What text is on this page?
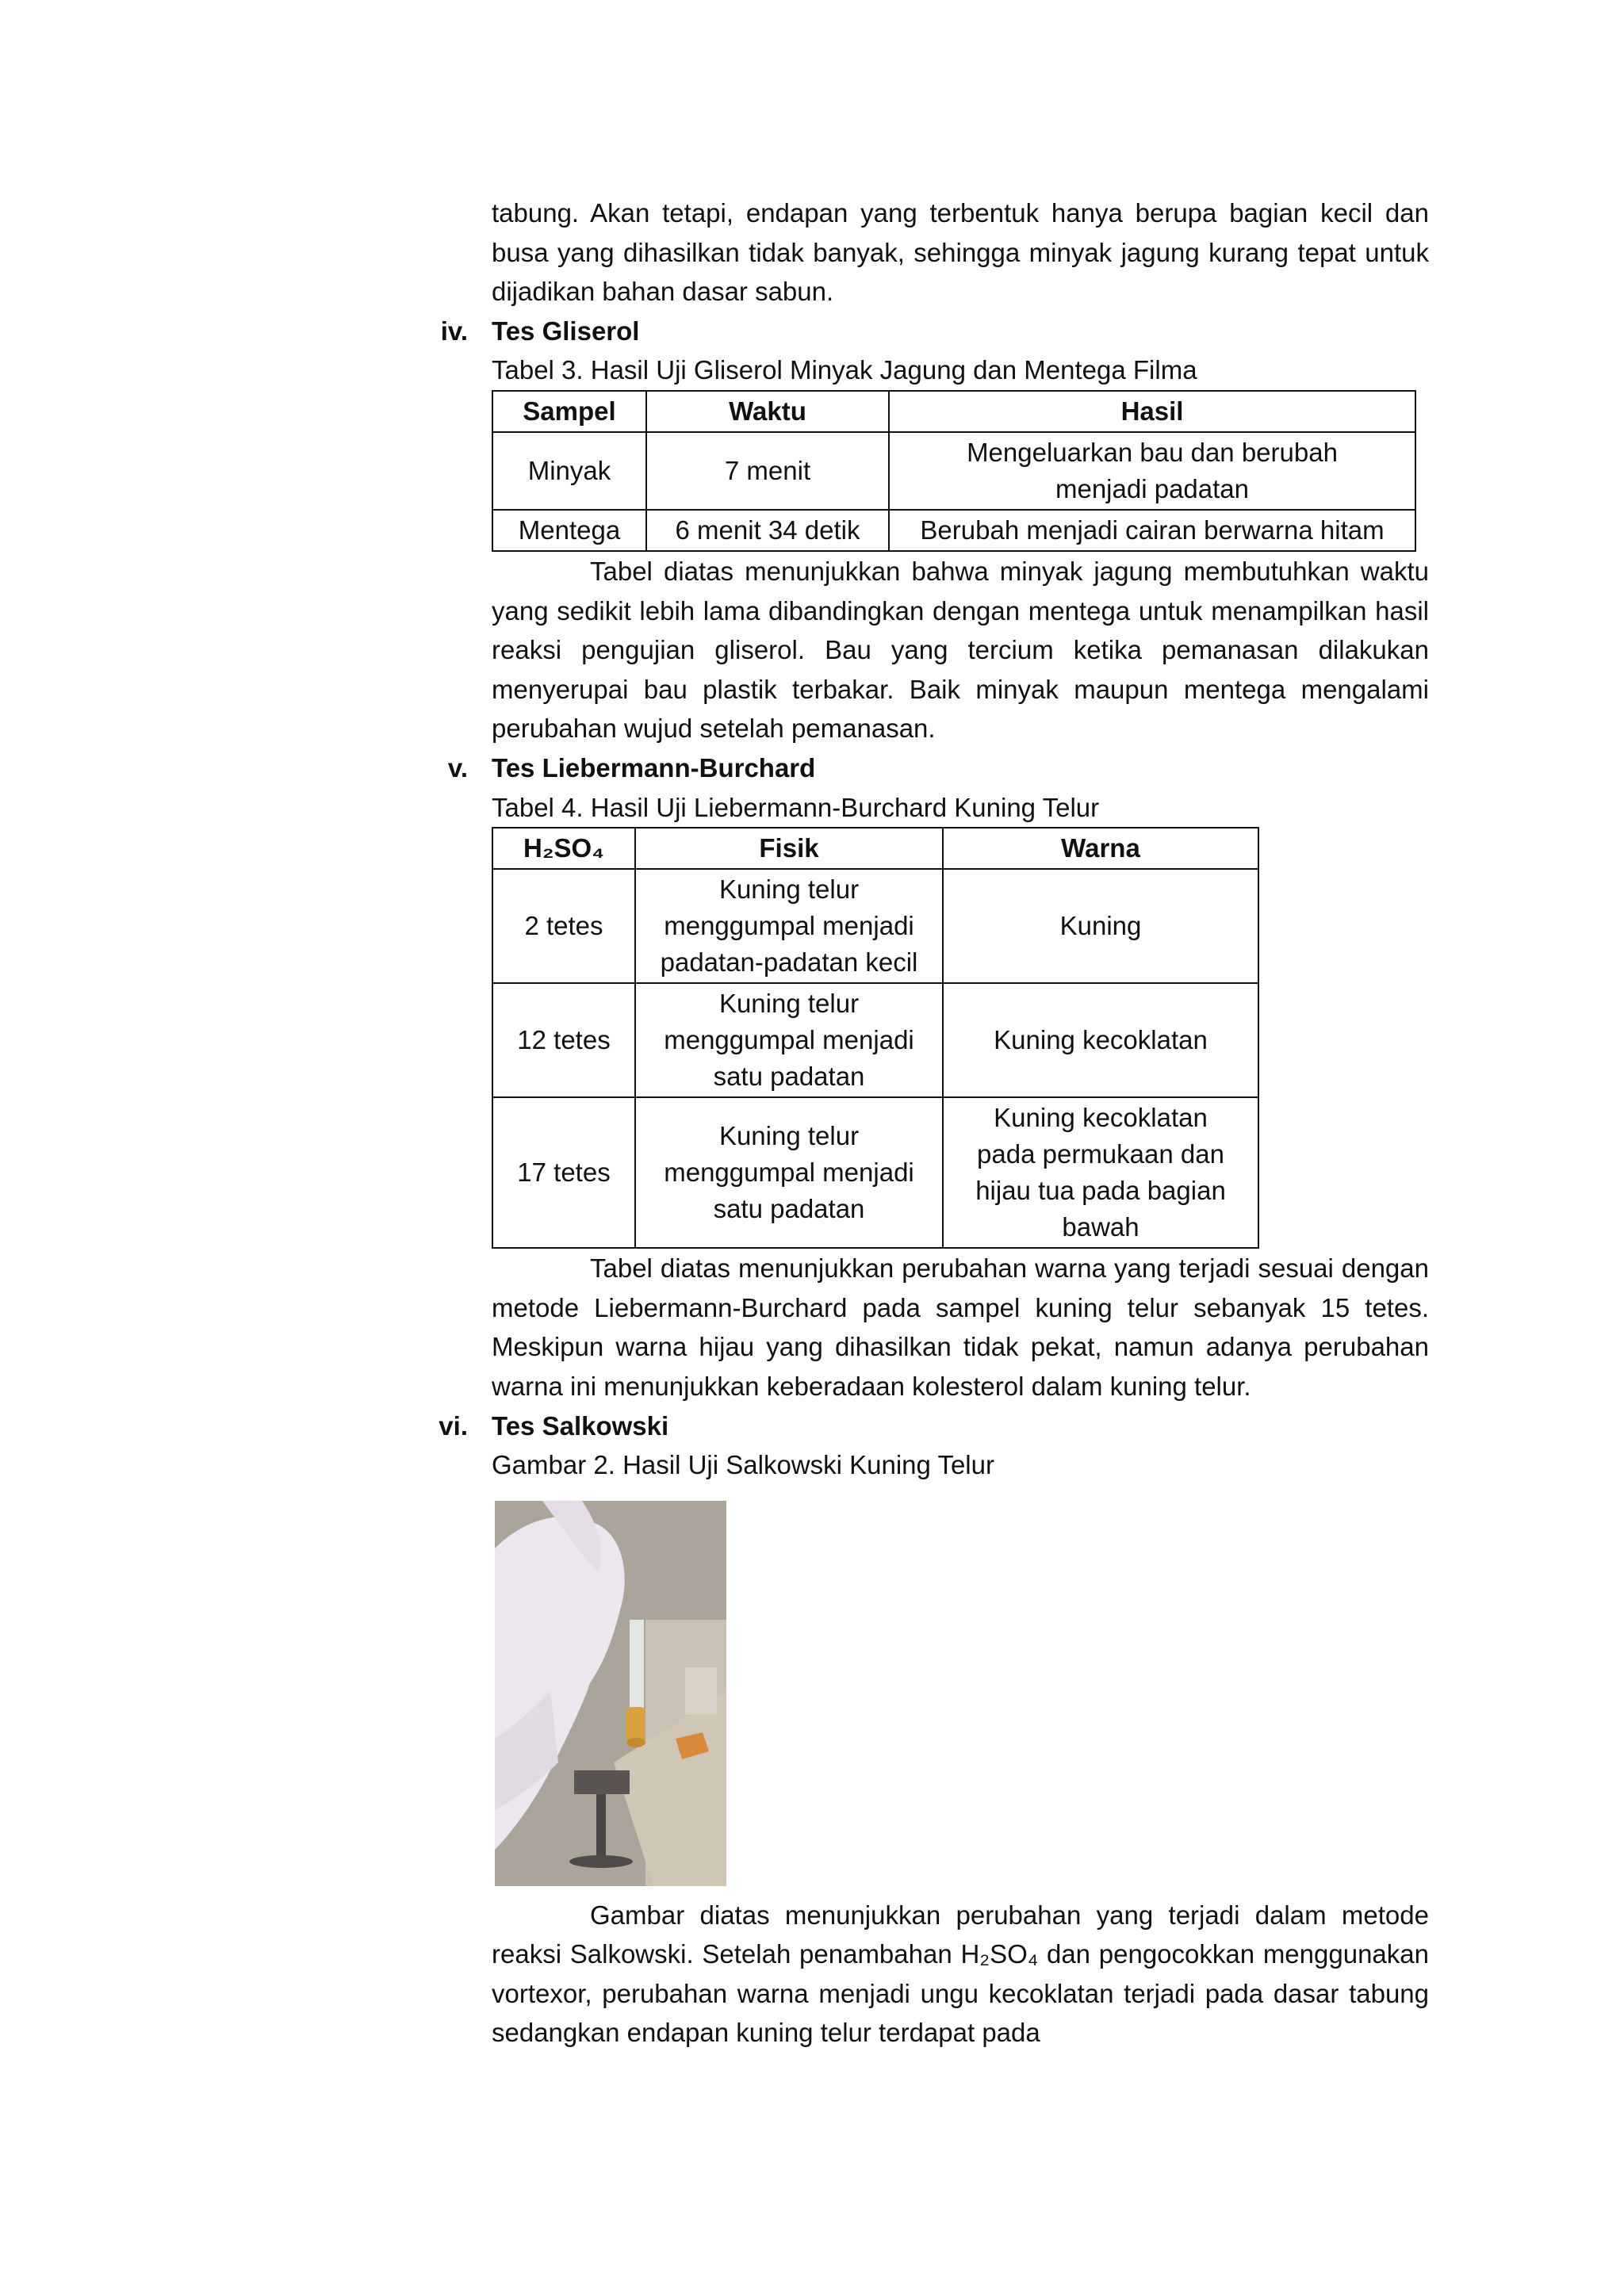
tabung. Akan tetapi, endapan yang terbentuk hanya berupa bagian kecil dan busa yang dihasilkan tidak banyak, sehingga minyak jagung kurang tepat untuk dijadikan bahan dasar sabun.

iv. Tes Gliserol
Tabel 3. Hasil Uji Gliserol Minyak Jagung dan Mentega Filma
Sampel	Waktu	Hasil
Minyak	7 menit	Mengeluarkan bau dan berubah menjadi padatan
Mentega	6 menit 34 detik	Berubah menjadi cairan berwarna hitam

Tabel diatas menunjukkan bahwa minyak jagung membutuhkan waktu yang sedikit lebih lama dibandingkan dengan mentega untuk menampilkan hasil reaksi pengujian gliserol. Bau yang tercium ketika pemanasan dilakukan menyerupai bau plastik terbakar. Baik minyak maupun mentega mengalami perubahan wujud setelah pemanasan.

v. Tes Liebermann-Burchard
Tabel 4. Hasil Uji Liebermann-Burchard Kuning Telur
H₂SO₄	Fisik	Warna
2 tetes	Kuning telur menggumpal menjadi padatan-padatan kecil	Kuning
12 tetes	Kuning telur menggumpal menjadi satu padatan	Kuning kecoklatan
17 tetes	Kuning telur menggumpal menjadi satu padatan	Kuning kecoklatan pada permukaan dan hijau tua pada bagian bawah

Tabel diatas menunjukkan perubahan warna yang terjadi sesuai dengan metode Liebermann-Burchard pada sampel kuning telur sebanyak 15 tetes. Meskipun warna hijau yang dihasilkan tidak pekat, namun adanya perubahan warna ini menunjukkan keberadaan kolesterol dalam kuning telur.

vi. Tes Salkowski
Gambar 2. Hasil Uji Salkowski Kuning Telur

Gambar diatas menunjukkan perubahan yang terjadi dalam metode reaksi Salkowski. Setelah penambahan H₂SO₄ dan pengocokkan menggunakan vortexor, perubahan warna menjadi ungu kecoklatan terjadi pada dasar tabung sedangkan endapan kuning telur terdapat pada
